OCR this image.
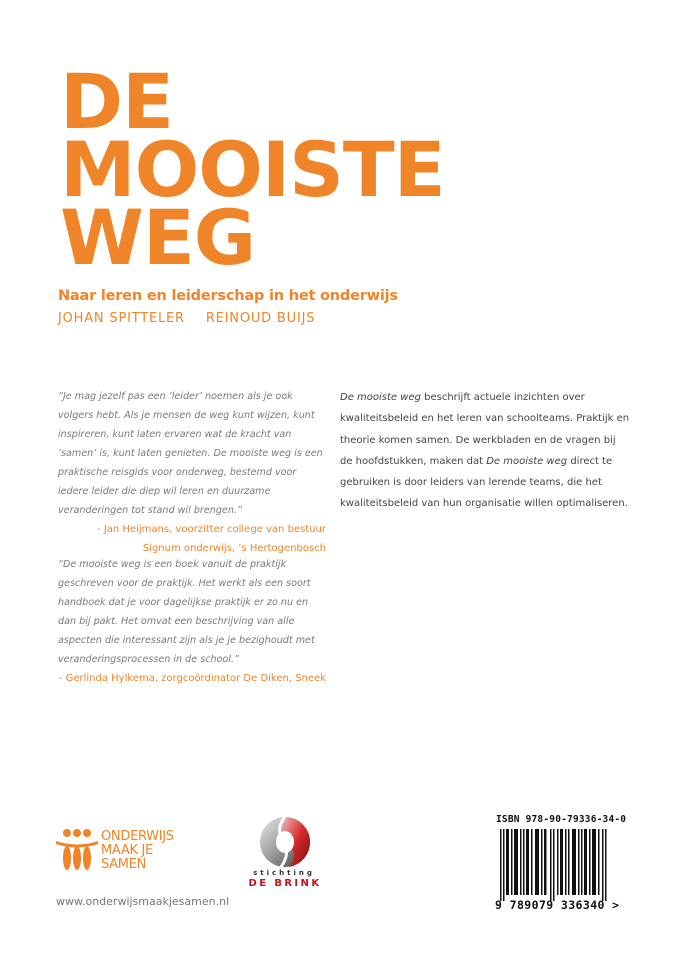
DE
MOOISTE
WEG
Naar leren en leiderschap in het onderwijs
JOHAN SPITTELER REINOUD BUIJS
“Je mag jezelf pas een ‘leider’ noemen als je ook volgers hebt. Als je mensen de weg kunt wijzen, kunt inspireren, kunt laten ervaren wat de kracht van ‘samen’ is, kunt laten genieten. De mooiste weg is een praktische reisgids voor onderweg, bestemd voor iedere leider die diep wil leren en duurzame veranderingen tot stand wil brengen.”
- Jan Heijmans, voorzitter college van bestuur Signum onderwijs, ’s Hertogenbosch
“De mooiste weg is een boek vanuit de praktijk geschreven voor de praktijk. Het werkt als een soort handboek dat je voor dagelijkse praktijk er zo nu en dan bij pakt. Het omvat een beschrijving van alle aspecten die interessant zijn als je je bezighoudt met veranderingsprocessen in de school.”
- Gerlinda Hylkema, zorgcoördinator De Diken, Sneek
De mooiste weg beschrijft actuele inzichten over kwaliteitsbeleid en het leren van schoolteams. Praktijk en theorie komen samen. De werkbladen en de vragen bij de hoofdstukken, maken dat De mooiste weg direct te gebruiken is door leiders van lerende teams, die het kwaliteitsbeleid van hun organisatie willen optimaliseren.
ONDERWIJS
MAAK JE
SAMEN
www.onderwijsmaakjesamen.nl
stichting
DE BRINK
ISBN 978-90-79336-34-0
9 789079 336340 >
